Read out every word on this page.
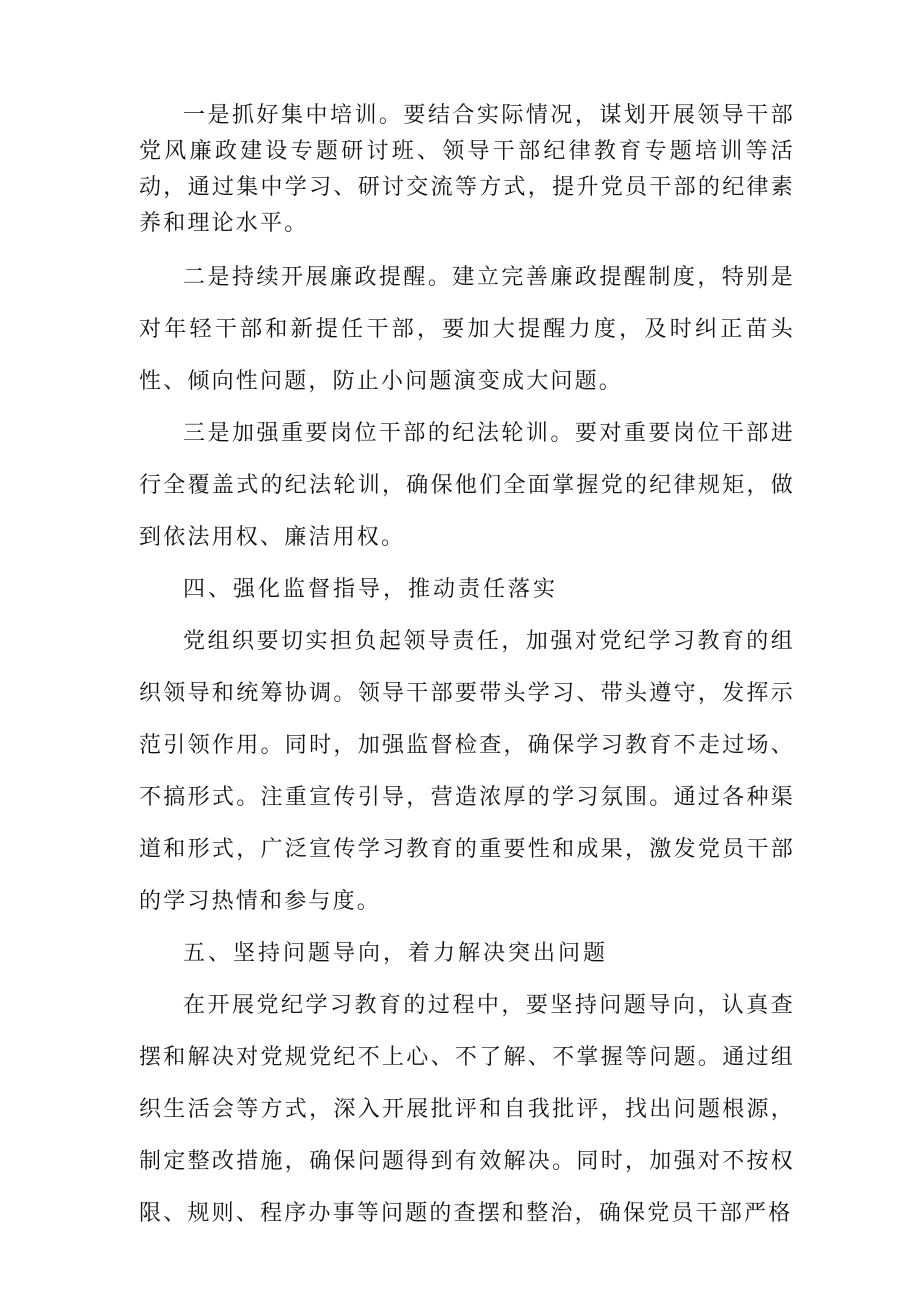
一是抓好集中培训。要结合实际情况，谋划开展领导干部党风廉政建设专题研讨班、领导干部纪律教育专题培训等活动，通过集中学习、研讨交流等方式，提升党员干部的纪律素养和理论水平。

二是持续开展廉政提醒。建立完善廉政提醒制度，特别是对年轻干部和新提任干部，要加大提醒力度，及时纠正苗头性、倾向性问题，防止小问题演变成大问题。

三是加强重要岗位干部的纪法轮训。要对重要岗位干部进行全覆盖式的纪法轮训，确保他们全面掌握党的纪律规矩，做到依法用权、廉洁用权。

四、强化监督指导，推动责任落实

党组织要切实担负起领导责任，加强对党纪学习教育的组织领导和统筹协调。领导干部要带头学习、带头遵守，发挥示范引领作用。同时，加强监督检查，确保学习教育不走过场、不搞形式。注重宣传引导，营造浓厚的学习氛围。通过各种渠道和形式，广泛宣传学习教育的重要性和成果，激发党员干部的学习热情和参与度。

五、坚持问题导向，着力解决突出问题

在开展党纪学习教育的过程中，要坚持问题导向，认真查摆和解决对党规党纪不上心、不了解、不掌握等问题。通过组织生活会等方式，深入开展批评和自我批评，找出问题根源，制定整改措施，确保问题得到有效解决。同时，加强对不按权限、规则、程序办事等问题的查摆和整治，确保党员干部严格
